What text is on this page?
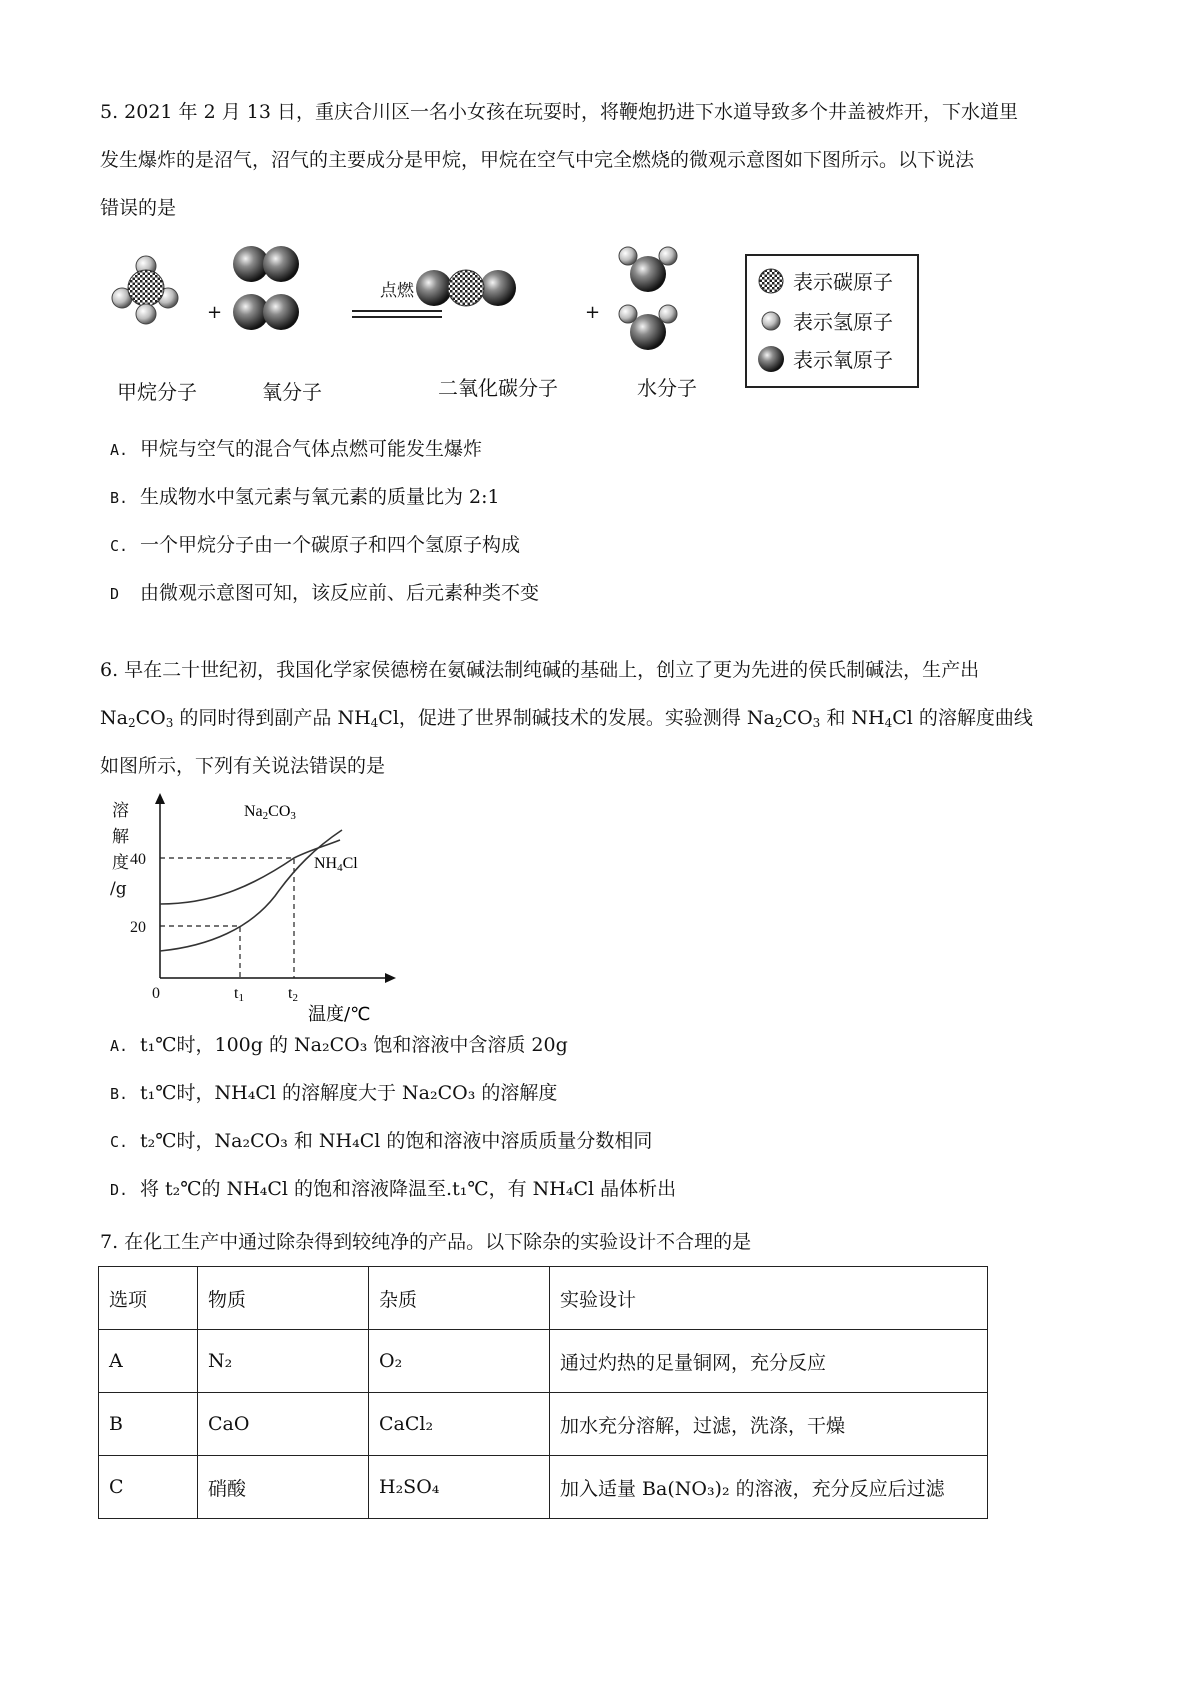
5. 2021 年 2 月 13 日，重庆合川区一名小女孩在玩耍时，将鞭炮扔进下水道导致多个井盖被炸开，下水道里
发生爆炸的是沼气，沼气的主要成分是甲烷，甲烷在空气中完全燃烧的微观示意图如下图所示。以下说法
错误的是
+	+
点燃
甲烷分子	氧分子	二氧化碳分子	水分子
表示碳原子
表示氢原子
表示氧原子
A. 甲烷与空气的混合气体点燃可能发生爆炸
B. 生成物水中氢元素与氧元素的质量比为 2:1
C. 一个甲烷分子由一个碳原子和四个氢原子构成
D 由微观示意图可知，该反应前、后元素种类不变
6. 早在二十世纪初，我国化学家侯德榜在氨碱法制纯碱的基础上，创立了更为先进的侯氏制碱法，生产出
$Na_2CO_3$ 的同时得到副产品 $NH_4Cl$，促进了世界制碱技术的发展。实验测得 $Na_2CO_3$ 和 $NH_4Cl$ 的溶解度曲线
如图所示，下列有关说法错误的是
溶
解
度
/g
40
20
0	t1	t2
温度/℃
Na2CO3
NH4Cl
A. t₁℃时，100g 的 Na₂CO₃ 饱和溶液中含溶质 20g
B. t₁℃时，NH₄Cl 的溶解度大于 Na₂CO₃ 的溶解度
C. t₂℃时，Na₂CO₃ 和 NH₄Cl 的饱和溶液中溶质质量分数相同
D. 将 t₂℃的 NH₄Cl 的饱和溶液降温至.t₁℃，有 NH₄Cl 晶体析出
7. 在化工生产中通过除杂得到较纯净的产品。以下除杂的实验设计不合理的是
选项	物质	杂质	实验设计
A	N₂	O₂	通过灼热的足量铜网，充分反应
B	CaO	CaCl₂	加水充分溶解，过滤，洗涤，干燥
C	硝酸	H₂SO₄	加入适量 Ba(NO₃)₂ 的溶液，充分反应后过滤
